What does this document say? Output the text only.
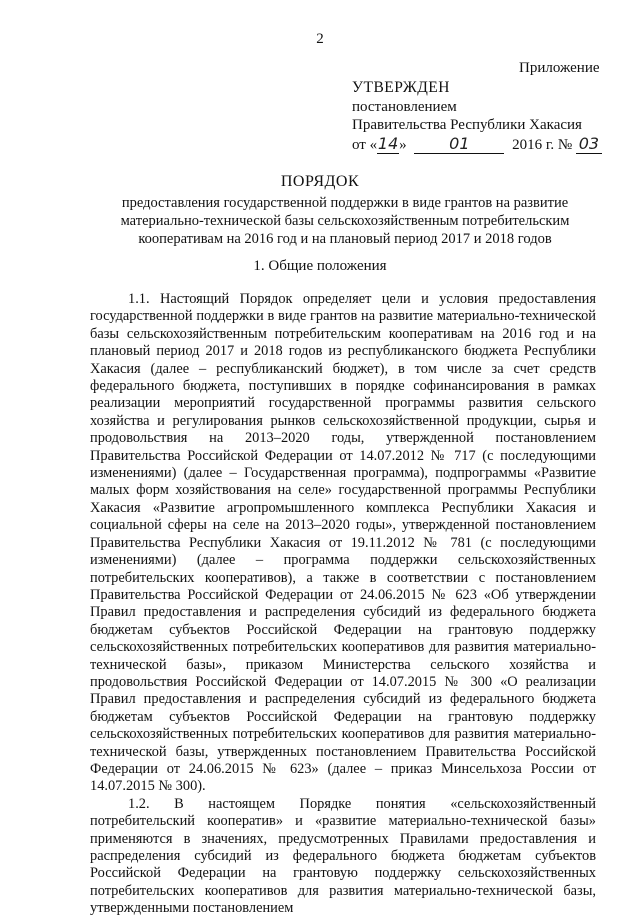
2
Приложение
УТВЕРЖДЕН
постановлением
Правительства Республики Хакасия
от «14»	01	2016 г. № 03
ПОРЯДОК
предоставления государственной поддержки в виде грантов на развитие материально-технической базы сельскохозяйственным потребительским кооперативам на 2016 год и на плановый период 2017 и 2018 годов
1. Общие положения

1.1. Настоящий Порядок определяет цели и условия предоставления государственной поддержки в виде грантов на развитие материально-технической базы сельскохозяйственным потребительским кооперативам на 2016 год и на плановый период 2017 и 2018 годов из республиканского бюджета Республики Хакасия (далее – республиканский бюджет), в том числе за счет средств федерального бюджета, поступивших в порядке софинансирования в рамках реализации мероприятий государственной программы развития сельского хозяйства и регулирования рынков сельскохозяйственной продукции, сырья и продовольствия на 2013–2020 годы, утвержденной постановлением Правительства Российской Федерации от 14.07.2012 № 717 (с последующими изменениями) (далее – Государственная программа), подпрограммы «Развитие малых форм хозяйствования на селе» государственной программы Республики Хакасия «Развитие агропромышленного комплекса Республики Хакасия и социальной сферы на селе на 2013–2020 годы», утвержденной постановлением Правительства Республики Хакасия от 19.11.2012 № 781 (с последующими изменениями) (далее – программа поддержки сельскохозяйственных потребительских кооперативов), а также в соответствии с постановлением Правительства Российской Федерации от 24.06.2015 № 623 «Об утверждении Правил предоставления и распределения субсидий из федерального бюджета бюджетам субъектов Российской Федерации на грантовую поддержку сельскохозяйственных потребительских кооперативов для развития материально-технической базы», приказом Министерства сельского хозяйства и продовольствия Российской Федерации от 14.07.2015 № 300 «О реализации Правил предоставления и распределения субсидий из федерального бюджета бюджетам субъектов Российской Федерации на грантовую поддержку сельскохозяйственных потребительских кооперативов для развития материально-технической базы, утвержденных постановлением Правительства Российской Федерации от 24.06.2015 № 623» (далее – приказ Минсельхоза России от 14.07.2015 № 300).

1.2. В настоящем Порядке понятия «сельскохозяйственный потребительский кооператив» и «развитие материально-технической базы» применяются в значениях, предусмотренных Правилами предоставления и распределения субсидий из федерального бюджета бюджетам субъектов Российской Федерации на грантовую поддержку сельскохозяйственных потребительских кооперативов для развития материально-технической базы, утвержденными постановлением
